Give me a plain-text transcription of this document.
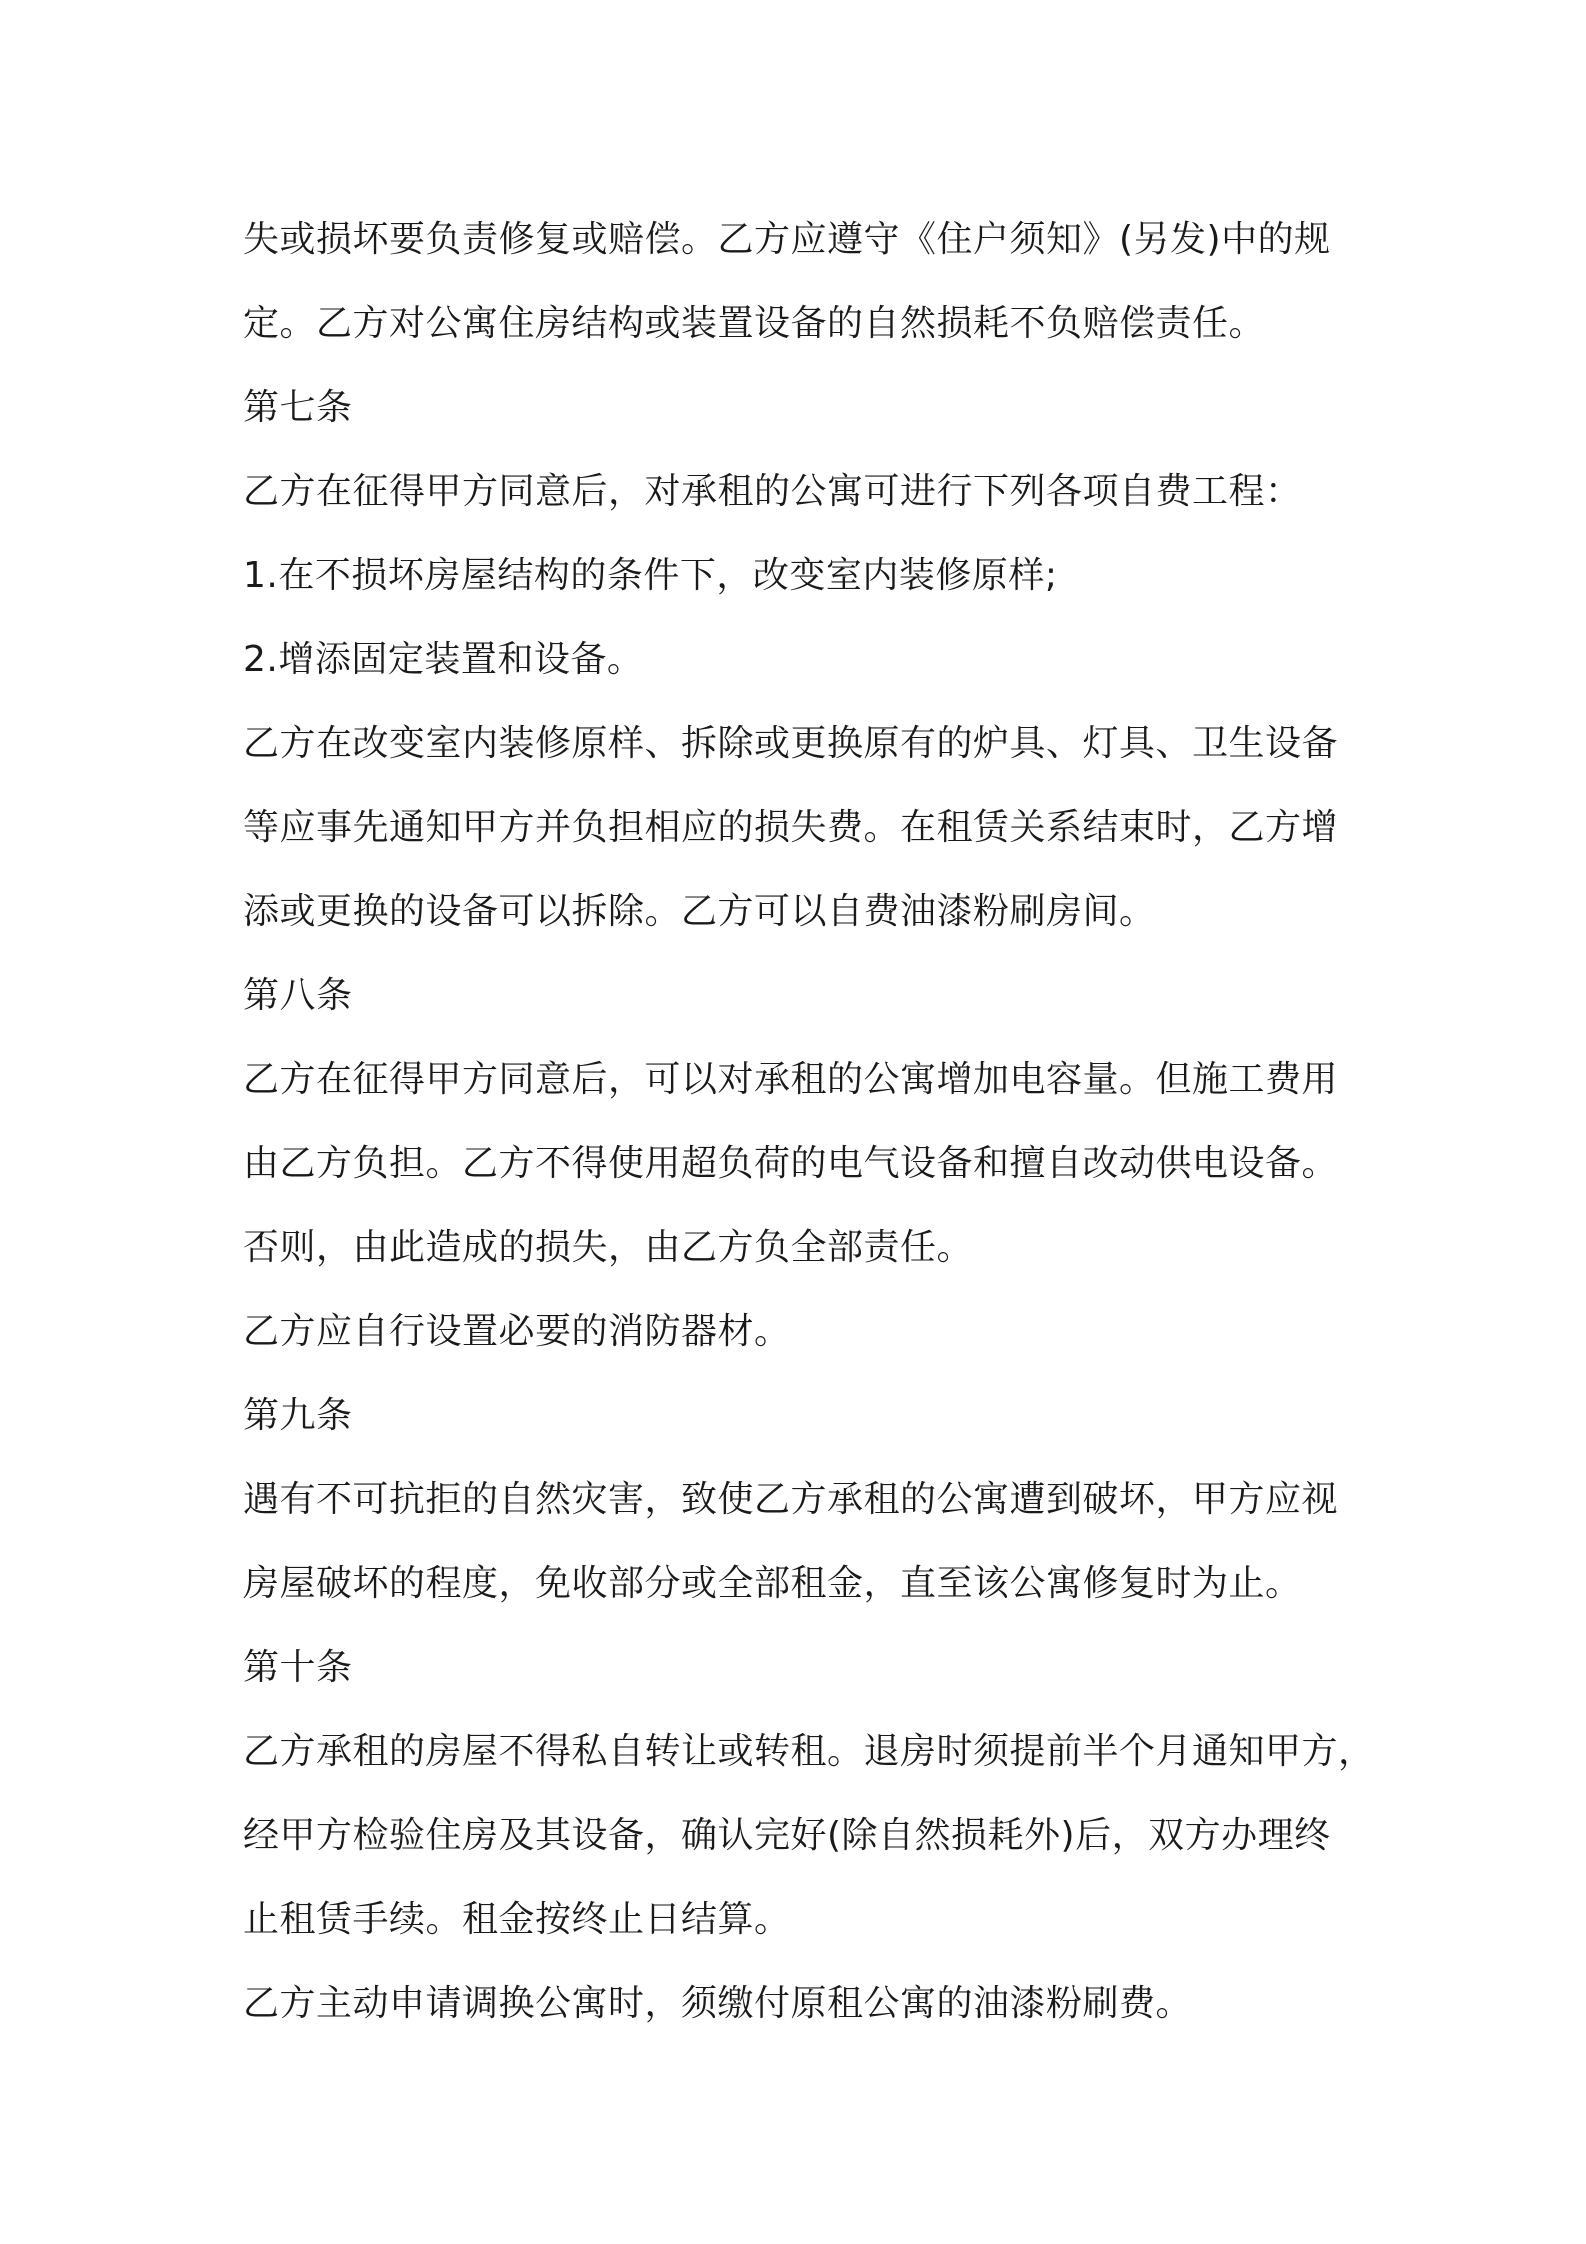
失或损坏要负责修复或赔偿。乙方应遵守《住户须知》(另发)中的规
定。乙方对公寓住房结构或装置设备的自然损耗不负赔偿责任。
第七条
乙方在征得甲方同意后，对承租的公寓可进行下列各项自费工程：
1.在不损坏房屋结构的条件下，改变室内装修原样;
2.增添固定装置和设备。
乙方在改变室内装修原样、拆除或更换原有的炉具、灯具、卫生设备
等应事先通知甲方并负担相应的损失费。在租赁关系结束时，乙方增
添或更换的设备可以拆除。乙方可以自费油漆粉刷房间。
第八条
乙方在征得甲方同意后，可以对承租的公寓增加电容量。但施工费用
由乙方负担。乙方不得使用超负荷的电气设备和擅自改动供电设备。
否则，由此造成的损失，由乙方负全部责任。
乙方应自行设置必要的消防器材。
第九条
遇有不可抗拒的自然灾害，致使乙方承租的公寓遭到破坏，甲方应视
房屋破坏的程度，免收部分或全部租金，直至该公寓修复时为止。
第十条
乙方承租的房屋不得私自转让或转租。退房时须提前半个月通知甲方，
经甲方检验住房及其设备，确认完好(除自然损耗外)后，双方办理终
止租赁手续。租金按终止日结算。
乙方主动申请调换公寓时，须缴付原租公寓的油漆粉刷费。
